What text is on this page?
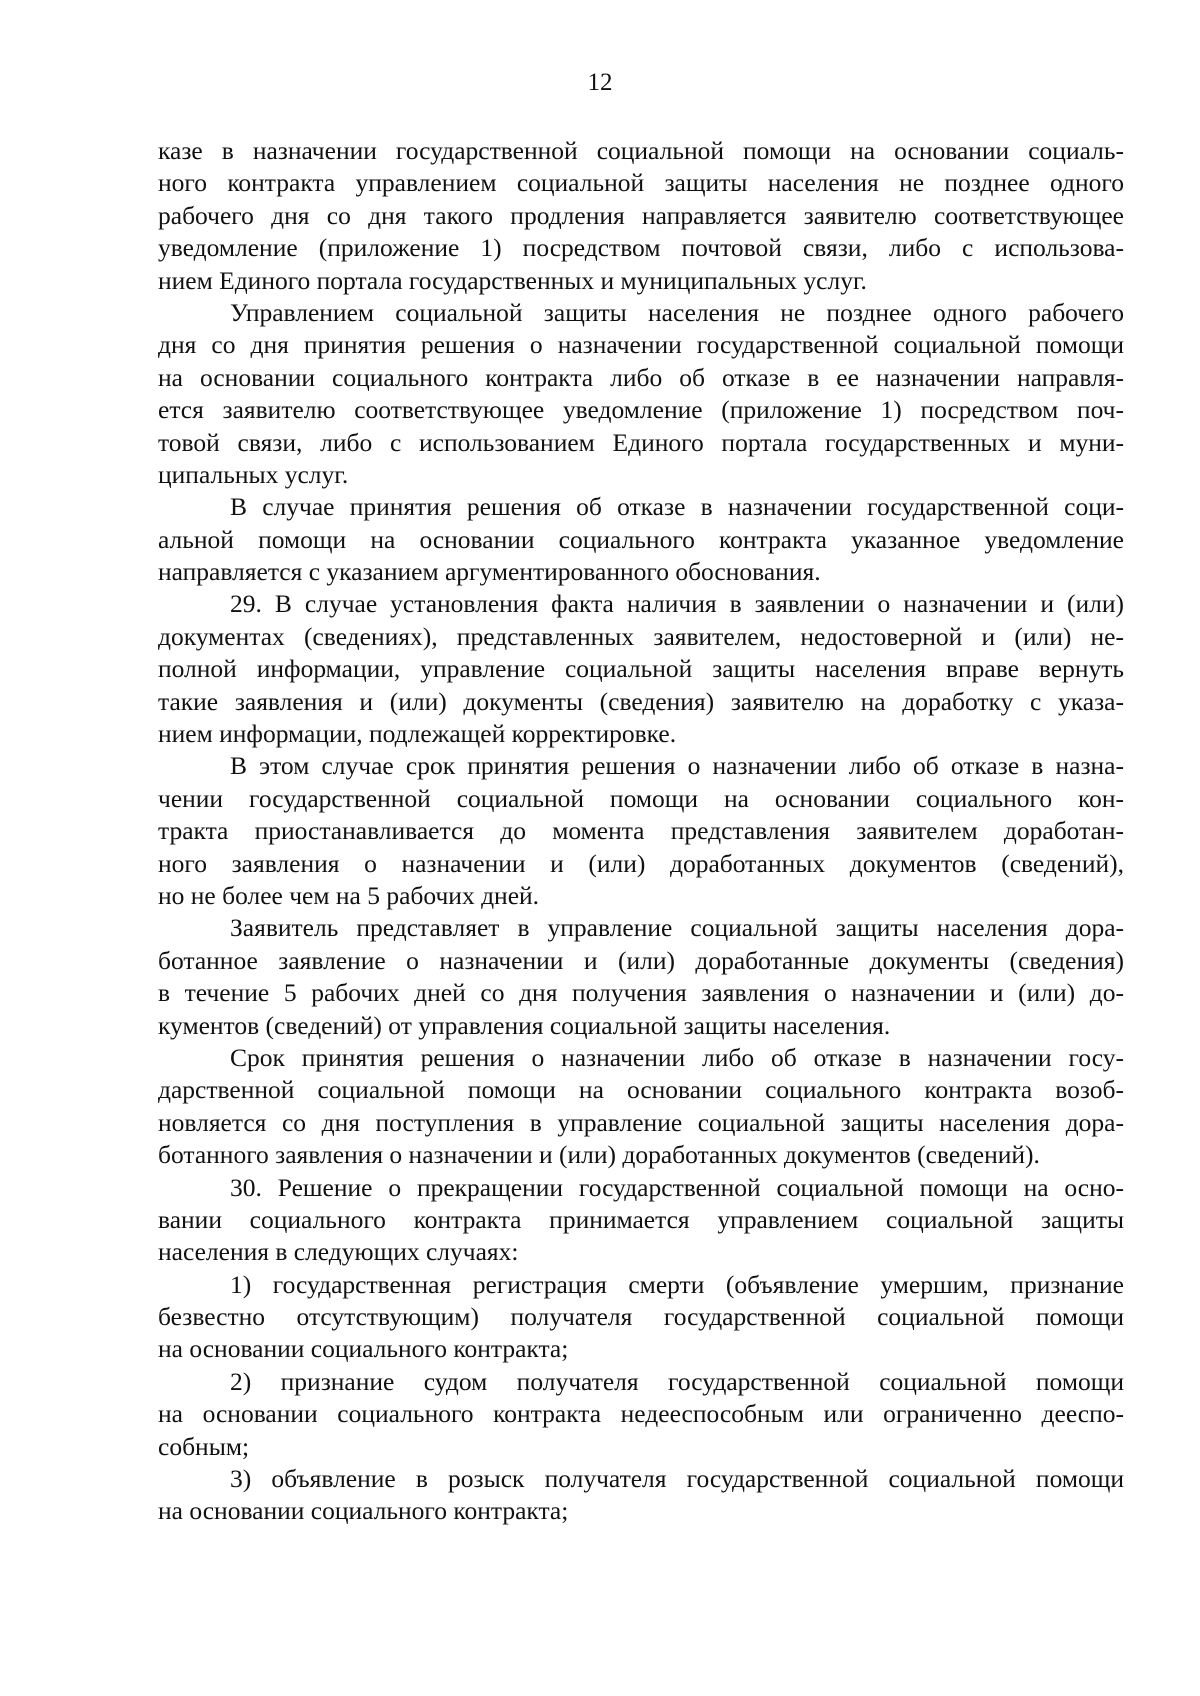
12
казе в назначении государственной социальной помощи на основании социаль-
ного контракта управлением социальной защиты населения не позднее одного
рабочего дня со дня такого продления направляется заявителю соответствующее
уведомление (приложение 1) посредством почтовой связи, либо с использова-
нием Единого портала государственных и муниципальных услуг.
Управлением социальной защиты населения не позднее одного рабочего
дня со дня принятия решения о назначении государственной социальной помощи
на основании социального контракта либо об отказе в ее назначении направля-
ется заявителю соответствующее уведомление (приложение 1) посредством поч-
товой связи, либо с использованием Единого портала государственных и муни-
ципальных услуг.
В случае принятия решения об отказе в назначении государственной соци-
альной помощи на основании социального контракта указанное уведомление
направляется с указанием аргументированного обоснования.
29. В случае установления факта наличия в заявлении о назначении и (или)
документах (сведениях), представленных заявителем, недостоверной и (или) не-
полной информации, управление социальной защиты населения вправе вернуть
такие заявления и (или) документы (сведения) заявителю на доработку с указа-
нием информации, подлежащей корректировке.
В этом случае срок принятия решения о назначении либо об отказе в назна-
чении государственной социальной помощи на основании социального кон-
тракта приостанавливается до момента представления заявителем доработан-
ного заявления о назначении и (или) доработанных документов (сведений),
но не более чем на 5 рабочих дней.
Заявитель представляет в управление социальной защиты населения дора-
ботанное заявление о назначении и (или) доработанные документы (сведения)
в течение 5 рабочих дней со дня получения заявления о назначении и (или) до-
кументов (сведений) от управления социальной защиты населения.
Срок принятия решения о назначении либо об отказе в назначении госу-
дарственной социальной помощи на основании социального контракта возоб-
новляется со дня поступления в управление социальной защиты населения дора-
ботанного заявления о назначении и (или) доработанных документов (сведений).
30. Решение о прекращении государственной социальной помощи на осно-
вании социального контракта принимается управлением социальной защиты
населения в следующих случаях:
1) государственная регистрация смерти (объявление умершим, признание
безвестно отсутствующим) получателя государственной социальной помощи
на основании социального контракта;
2) признание судом получателя государственной социальной помощи
на основании социального контракта недееспособным или ограниченно дееспо-
собным;
3) объявление в розыск получателя государственной социальной помощи
на основании социального контракта;
